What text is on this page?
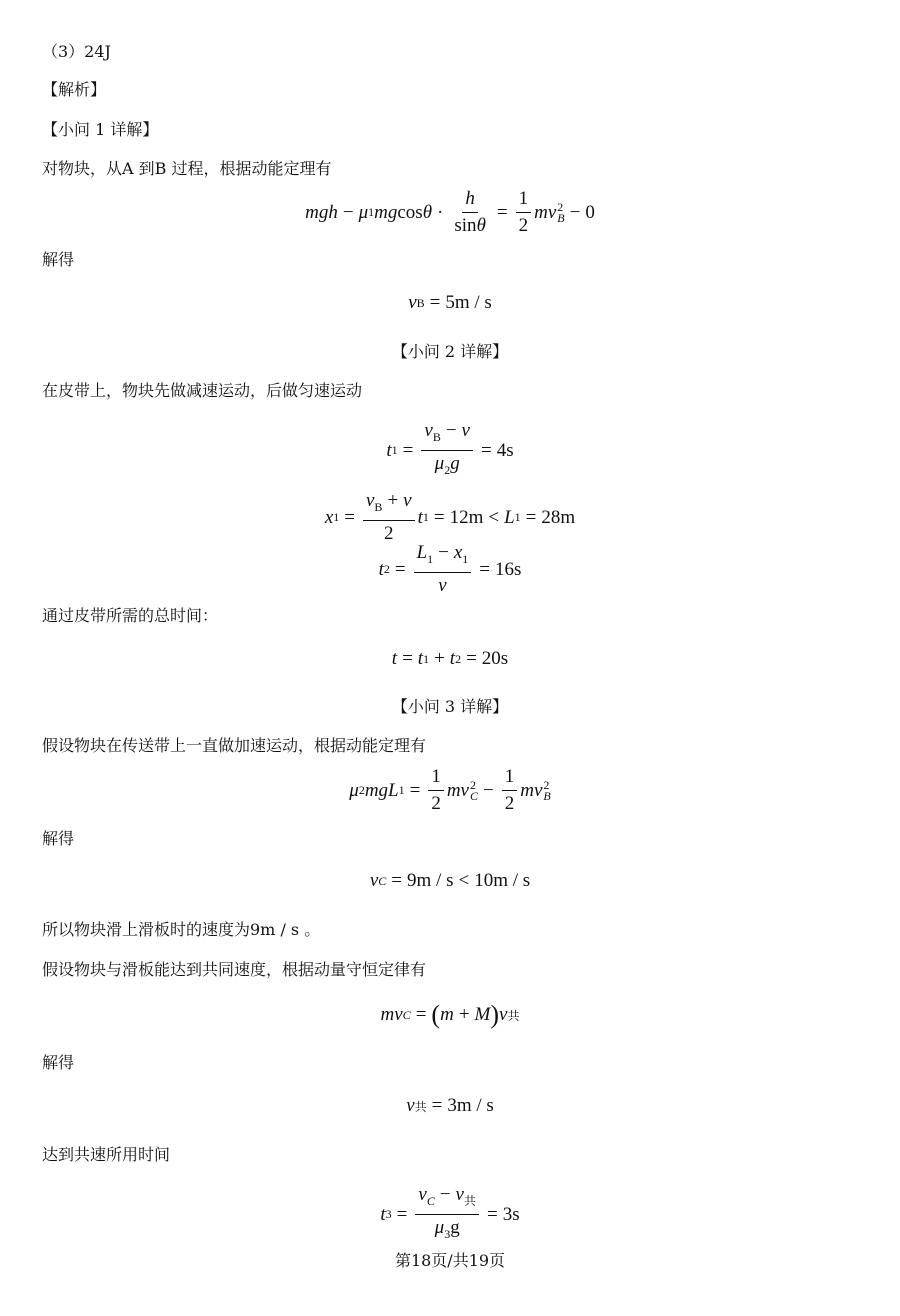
（3）24J
【解析】
【小问 1 详解】
对物块，从A 到B 过程，根据动能定理有
mgh − μ 1 mg $\cos \theta \cdot \frac{h}{\sin\theta} = \frac{1}{2}$ mv 2
B − 0
解得
v B = 5m / s
【小问 2 详解】
在皮带上，物块先做减速运动，后做匀速运动
t $1 = \frac{v_B - v}{\mu_2g} = 4s$
x $1 = \frac{v_B + v}{2}$ t 1 = 12m < L 1 = 28m
t $2 = \frac{L_1 - x_1}{v} = 16s$
通过皮带所需的总时间：
t = t 1 + t 2 = 20s
【小问 3 详解】
假设物块在传送带上一直做加速运动，根据动能定理有
μ 2 mgL $1 = \frac{1}{2}$ mv 2
$C - \frac{1}{2}$ mv 2
B
解得
v C = 9m / s < 10m / s
所以物块滑上滑板时的速度为9m / s 。
假设物块与滑板能达到共同速度，根据动量守恒定律有
mv C = ( m + M ) v 共
解得
v 共 = 3m / s
达到共速所用时间
t $3 = \frac{v_C - v_共}{\mu_3g} = 3s$
第18页/共19页
